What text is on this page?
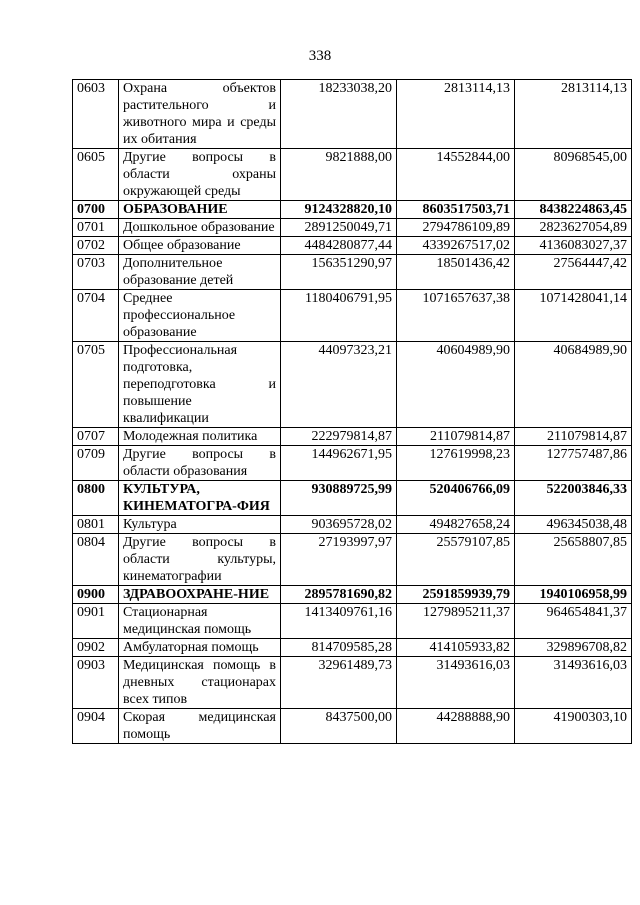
338
0603	Охрана объектов растительного и животного мира и среды их обитания	18233038,20	2813114,13	2813114,13
0605	Другие вопросы в области охраны окружающей среды	9821888,00	14552844,00	80968545,00
0700	ОБРАЗОВАНИЕ	9124328820,10	8603517503,71	8438224863,45
0701	Дошкольное образование	2891250049,71	2794786109,89	2823627054,89
0702	Общее образование	4484280877,44	4339267517,02	4136083027,37
0703	Дополнительное образование детей	156351290,97	18501436,42	27564447,42
0704	Среднее профессиональное образование	1180406791,95	1071657637,38	1071428041,14
0705	Профессиональная подготовка, переподготовка и повышение квалификации	44097323,21	40604989,90	40684989,90
0707	Молодежная политика	222979814,87	211079814,87	211079814,87
0709	Другие вопросы в области образования	144962671,95	127619998,23	127757487,86
0800	КУЛЬТУРА, КИНЕМАТОГРА-ФИЯ	930889725,99	520406766,09	522003846,33
0801	Культура	903695728,02	494827658,24	496345038,48
0804	Другие вопросы в области культуры, кинематографии	27193997,97	25579107,85	25658807,85
0900	ЗДРАВООХРАНЕ-НИЕ	2895781690,82	2591859939,79	1940106958,99
0901	Стационарная медицинская помощь	1413409761,16	1279895211,37	964654841,37
0902	Амбулаторная помощь	814709585,28	414105933,82	329896708,82
0903	Медицинская помощь в дневных стационарах всех типов	32961489,73	31493616,03	31493616,03
0904	Скорая медицинская помощь	8437500,00	44288888,90	41900303,10
